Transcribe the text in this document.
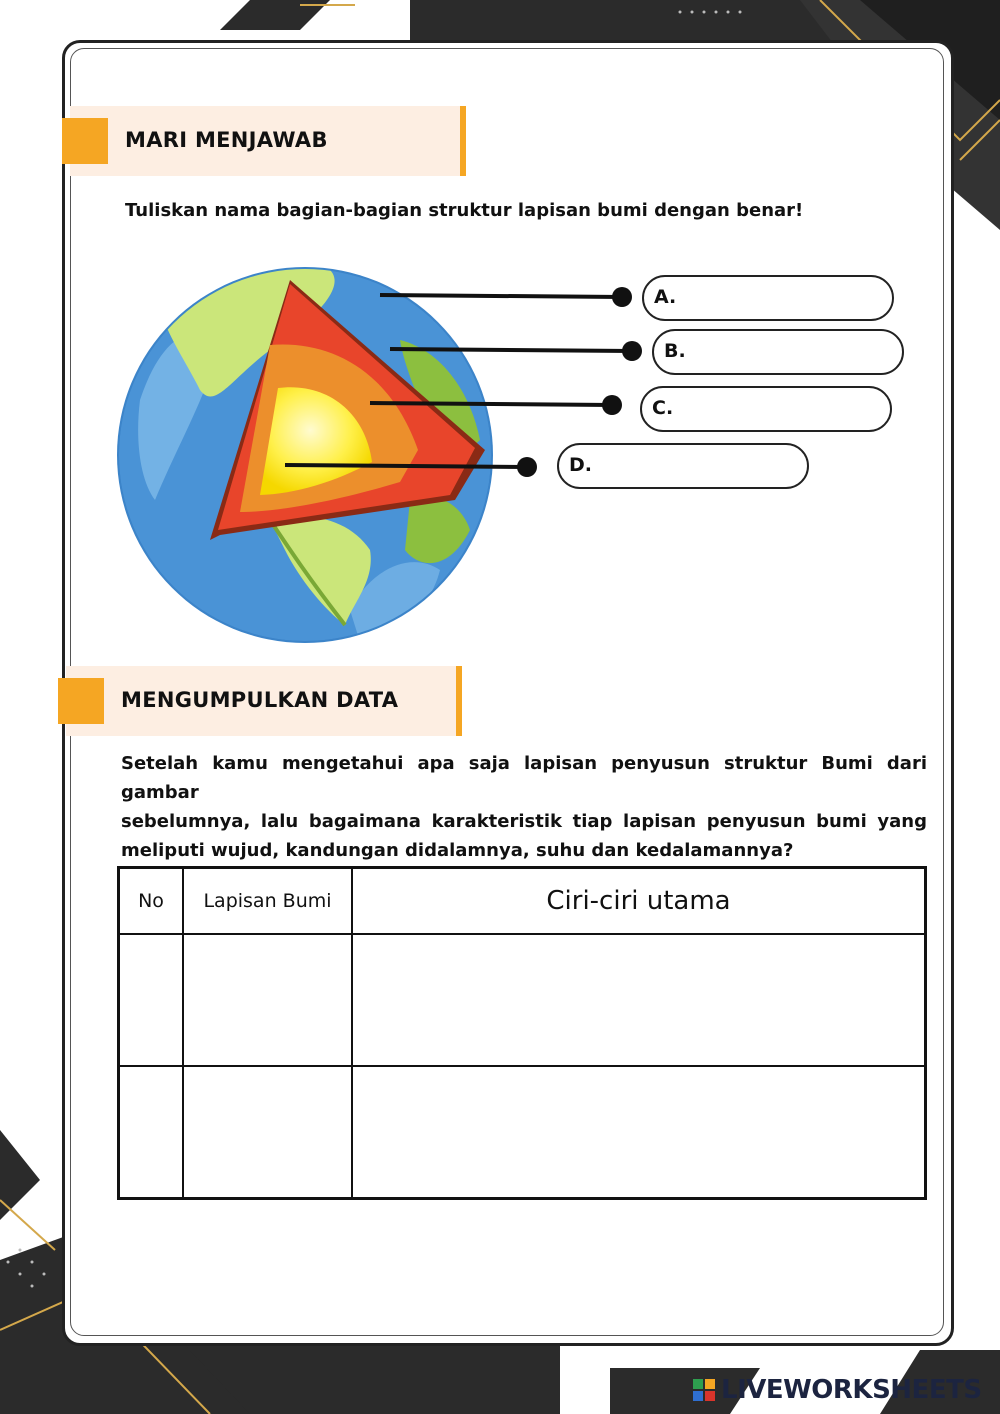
MARI MENJAWAB
Tuliskan nama bagian-bagian struktur lapisan bumi dengan benar!
A.
B.
C.
D.
MENGUMPULKAN DATA
Setelah kamu mengetahui apa saja lapisan penyusun struktur Bumi dari gambar
sebelumnya, lalu bagaimana karakteristik tiap lapisan penyusun bumi yang
meliputi wujud, kandungan didalamnya, suhu dan kedalamannya?
No	Lapisan Bumi	Ciri-ciri utama

LIVEWORKSHEETS
